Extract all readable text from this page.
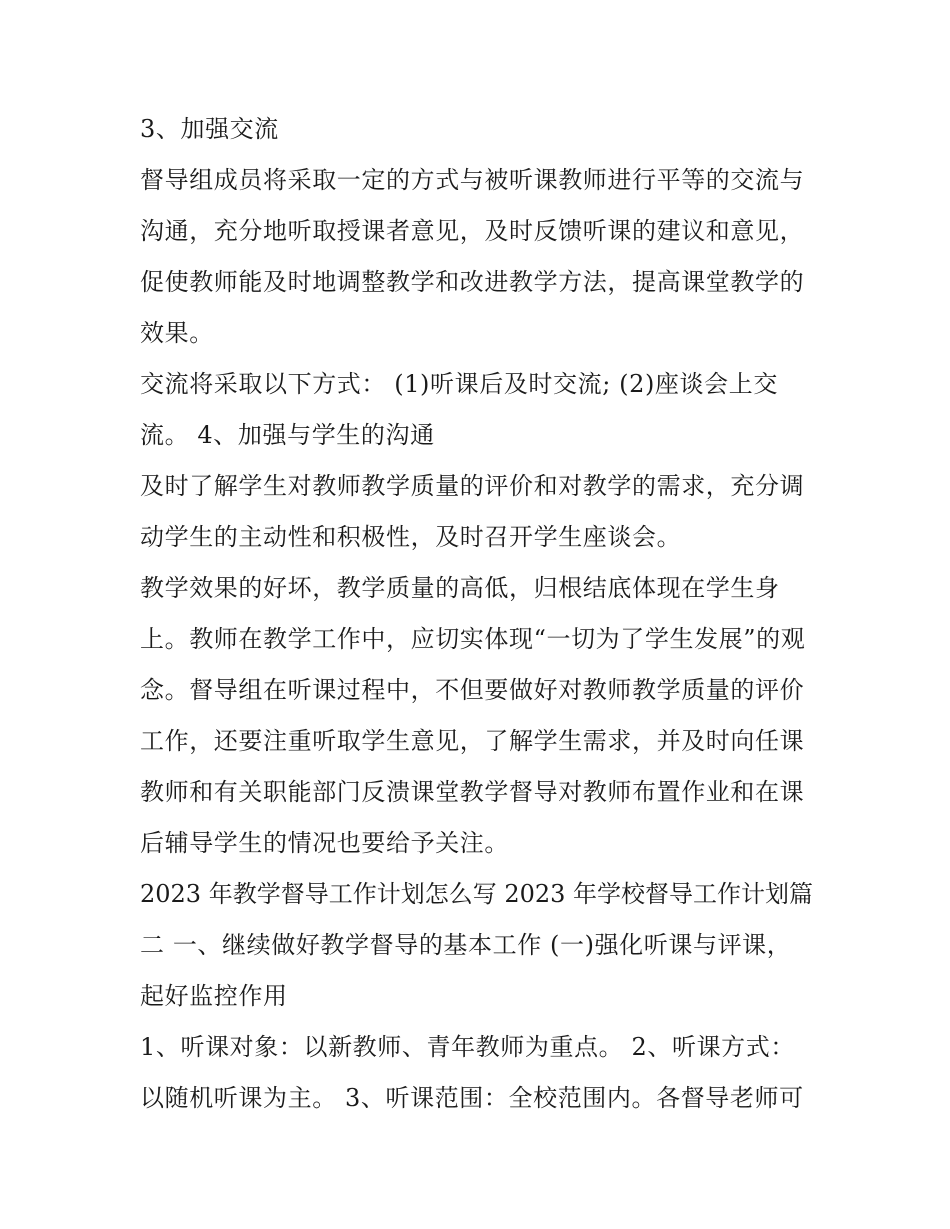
3、加强交流
督导组成员将采取一定的方式与被听课教师进行平等的交流与
沟通，充分地听取授课者意见，及时反馈听课的建议和意见，
促使教师能及时地调整教学和改进教学方法，提高课堂教学的
效果。
交流将采取以下方式： (1)听课后及时交流; (2)座谈会上交
流。 4、加强与学生的沟通
及时了解学生对教师教学质量的评价和对教学的需求，充分调
动学生的主动性和积极性，及时召开学生座谈会。
教学效果的好坏，教学质量的高低，归根结底体现在学生身
上。教师在教学工作中，应切实体现“一切为了学生发展”的观
念。督导组在听课过程中，不但要做好对教师教学质量的评价
工作，还要注重听取学生意见，了解学生需求，并及时向任课
教师和有关职能部门反溃课堂教学督导对教师布置作业和在课
后辅导学生的情况也要给予关注。
2023 年教学督导工作计划怎么写 2023 年学校督导工作计划篇
二 一、继续做好教学督导的基本工作 (一)强化听课与评课，
起好监控作用
1、听课对象：以新教师、青年教师为重点。 2、听课方式：
以随机听课为主。 3、听课范围：全校范围内。各督导老师可
